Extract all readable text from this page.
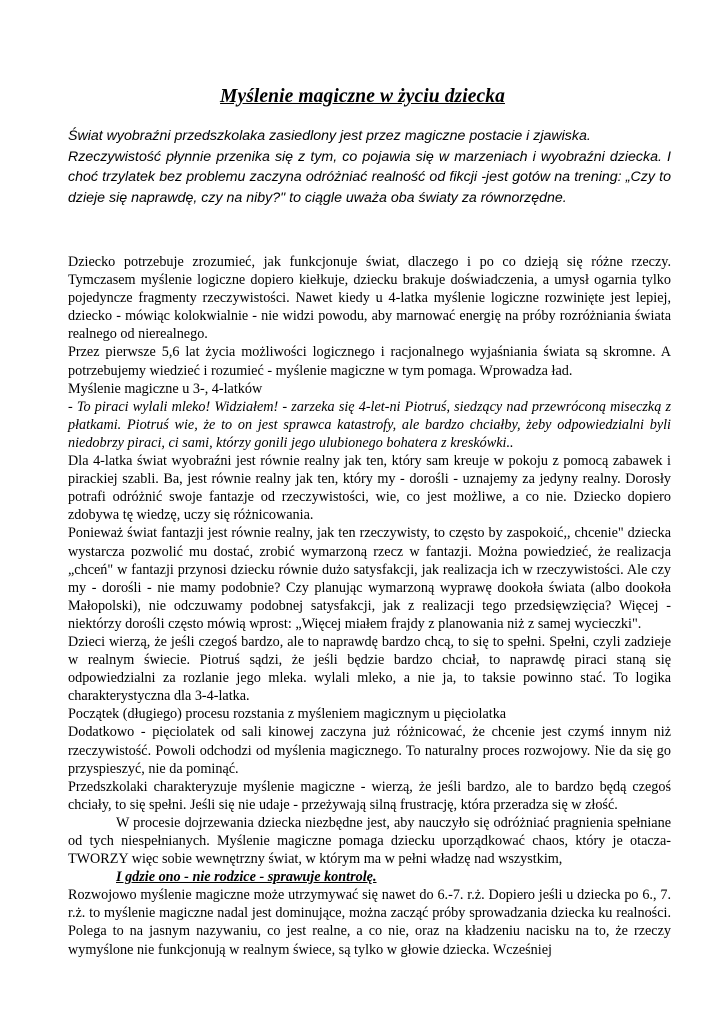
Myślenie magiczne w życiu dziecka

Świat wyobraźni przedszkolaka zasiedlony jest przez magiczne postacie i zjawiska.

Rzeczywistość płynnie przenika się z tym, co pojawia się w marzeniach i wyobraźni dziecka. I choć trzylatek bez problemu zaczyna odróżniać realność od fikcji -jest gotów na trening: „Czy to dzieje się naprawdę, czy na niby?" to ciągle uważa oba światy za równorzędne.

Dziecko potrzebuje zrozumieć, jak funkcjonuje świat, dlaczego i po co dzieją się różne rzeczy. Tymczasem myślenie logiczne dopiero kiełkuje, dziecku brakuje doświadczenia, a umysł ogarnia tylko pojedyncze fragmenty rzeczywistości. Nawet kiedy u 4-latka myślenie logiczne rozwinięte jest lepiej, dziecko - mówiąc kolokwialnie - nie widzi powodu, aby marnować energię na próby rozróżniania świata realnego od nierealnego.

Przez pierwsze 5,6 lat życia możliwości logicznego i racjonalnego wyjaśniania świata są skromne. A potrzebujemy wiedzieć i rozumieć - myślenie magiczne w tym pomaga. Wprowadza ład.

Myślenie magiczne u 3-, 4-latków

- To piraci wylali mleko! Widziałem! - zarzeka się 4-let-ni Piotruś, siedzący nad przewróconą miseczką z płatkami. Piotruś wie, że to on jest sprawca katastrofy, ale bardzo chciałby, żeby odpowiedzialni byli niedobrzy piraci, ci sami, którzy gonili jego ulubionego bohatera z kreskówki..

Dla 4-latka świat wyobraźni jest równie realny jak ten, który sam kreuje w pokoju z pomocą zabawek i pirackiej szabli. Ba, jest równie realny jak ten, który my - dorośli - uznajemy za jedyny realny. Dorosły potrafi odróżnić swoje fantazje od rzeczywistości, wie, co jest możliwe, a co nie. Dziecko dopiero zdobywa tę wiedzę, uczy się różnicowania.

Ponieważ świat fantazji jest równie realny, jak ten rzeczywisty, to często by zaspokoić,, chcenie" dziecka wystarcza pozwolić mu dostać, zrobić wymarzoną rzecz w fantazji. Można powiedzieć, że realizacja „chceń" w fantazji przynosi dziecku równie dużo satysfakcji, jak realizacja ich w rzeczywistości. Ale czy my - dorośli - nie mamy podobnie? Czy planując wymarzoną wyprawę dookoła świata (albo dookoła Małopolski), nie odczuwamy podobnej satysfakcji, jak z realizacji tego przedsięwzięcia? Więcej - niektórzy dorośli często mówią wprost: „Więcej miałem frajdy z planowania niż z samej wycieczki".

Dzieci wierzą, że jeśli czegoś bardzo, ale to naprawdę bardzo chcą, to się to spełni. Spełni, czyli zadzieje w realnym świecie. Piotruś sądzi, że jeśli będzie bardzo chciał, to naprawdę piraci staną się odpowiedzialni za rozlanie jego mleka. wylali mleko, a nie ja, to taksie powinno stać. To logika charakterystyczna dla 3-4-latka.

Początek (długiego) procesu rozstania z myśleniem magicznym u pięciolatka

Dodatkowo - pięciolatek od sali kinowej zaczyna już różnicować, że chcenie jest czymś innym niż rzeczywistość. Powoli odchodzi od myślenia magicznego. To naturalny proces rozwojowy. Nie da się go przyspieszyć, nie da pominąć.

Przedszkolaki charakteryzuje myślenie magiczne - wierzą, że jeśli bardzo, ale to bardzo będą czegoś chciały, to się spełni. Jeśli się nie udaje - przeżywają silną frustrację, która przeradza się w złość.

W procesie dojrzewania dziecka niezbędne jest, aby nauczyło się odróżniać pragnienia spełniane od tych niespełnianych. Myślenie magiczne pomaga dziecku uporządkować chaos, który je otacza- TWORZY więc sobie wewnętrzny świat, w którym ma w pełni władzę nad wszystkim,

I gdzie ono - nie rodzice - sprawuje kontrolę.

Rozwojowo myślenie magiczne może utrzymywać się nawet do 6.-7. r.ż. Dopiero jeśli u dziecka po 6., 7. r.ż. to myślenie magiczne nadal jest dominujące, można zacząć próby sprowadzania dziecka ku realności. Polega to na jasnym nazywaniu, co jest realne, a co nie, oraz na kładzeniu nacisku na to, że rzeczy wymyślone nie funkcjonują w realnym świece, są tylko w głowie dziecka. Wcześniej
